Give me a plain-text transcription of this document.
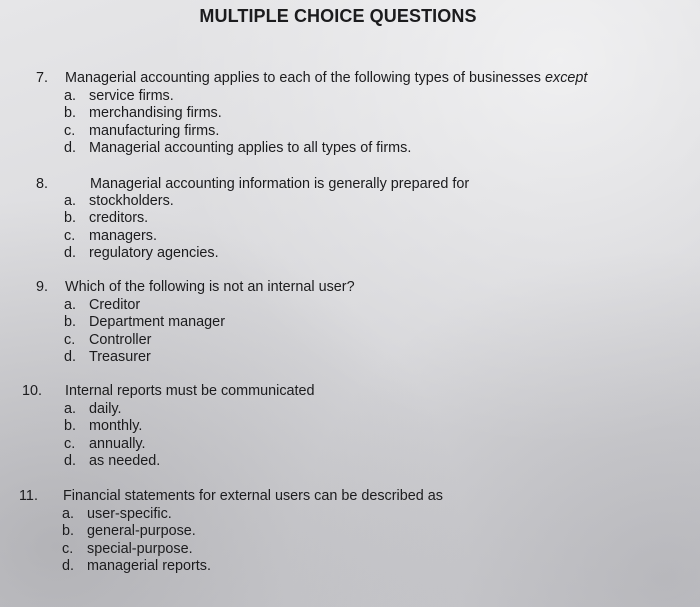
MULTIPLE CHOICE QUESTIONS
7. Managerial accounting applies to each of the following types of businesses except
a. service firms.
b. merchandising firms.
c. manufacturing firms.
d. Managerial accounting applies to all types of firms.
8.	Managerial accounting information is generally prepared for
a. stockholders.
b. creditors.
c. managers.
d. regulatory agencies.
9. Which of the following is not an internal user?
a. Creditor
b. Department manager
c. Controller
d. Treasurer
10. Internal reports must be communicated
a. daily.
b. monthly.
c. annually.
d. as needed.
11. Financial statements for external users can be described as
a. user-specific.
b. general-purpose.
c. special-purpose.
d. managerial reports.
